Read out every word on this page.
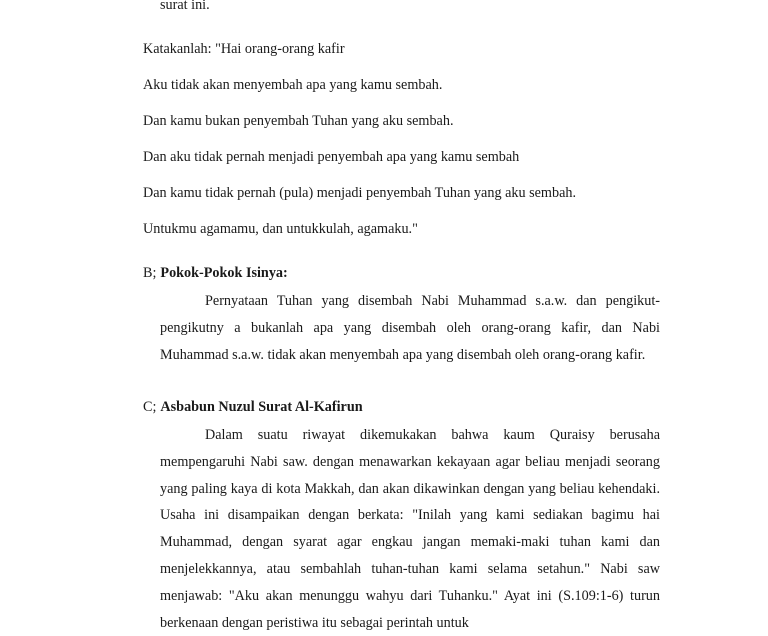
surat ini.
Katakanlah: "Hai orang-orang kafir
Aku tidak akan menyembah apa yang kamu sembah.
Dan kamu bukan penyembah Tuhan yang aku sembah.
Dan aku tidak pernah menjadi penyembah apa yang kamu sembah
Dan kamu tidak pernah (pula) menjadi penyembah Tuhan yang aku sembah.
Untukmu agamamu, dan untukkulah, agamaku."
B; Pokok-Pokok Isinya:

Pernyataan Tuhan yang disembah Nabi Muhammad s.a.w. dan pengikut-pengikutny a bukanlah apa yang disembah oleh orang-orang kafir, dan Nabi Muhammad s.a.w. tidak akan menyembah apa yang disembah oleh orang-orang kafir.

C; Asbabun Nuzul Surat Al-Kafirun

Dalam suatu riwayat dikemukakan bahwa kaum Quraisy berusaha mempengaruhi Nabi saw. dengan menawarkan kekayaan agar beliau menjadi seorang yang paling kaya di kota Makkah, dan akan dikawinkan dengan yang beliau kehendaki. Usaha ini disampaikan dengan berkata: "Inilah yang kami sediakan bagimu hai Muhammad, dengan syarat agar engkau jangan memaki-maki tuhan kami dan menjelekkannya, atau sembahlah tuhan-tuhan kami selama setahun." Nabi saw menjawab: "Aku akan menunggu wahyu dari Tuhanku." Ayat ini (S.109:1-6) turun berkenaan dengan peristiwa itu sebagai perintah untuk
